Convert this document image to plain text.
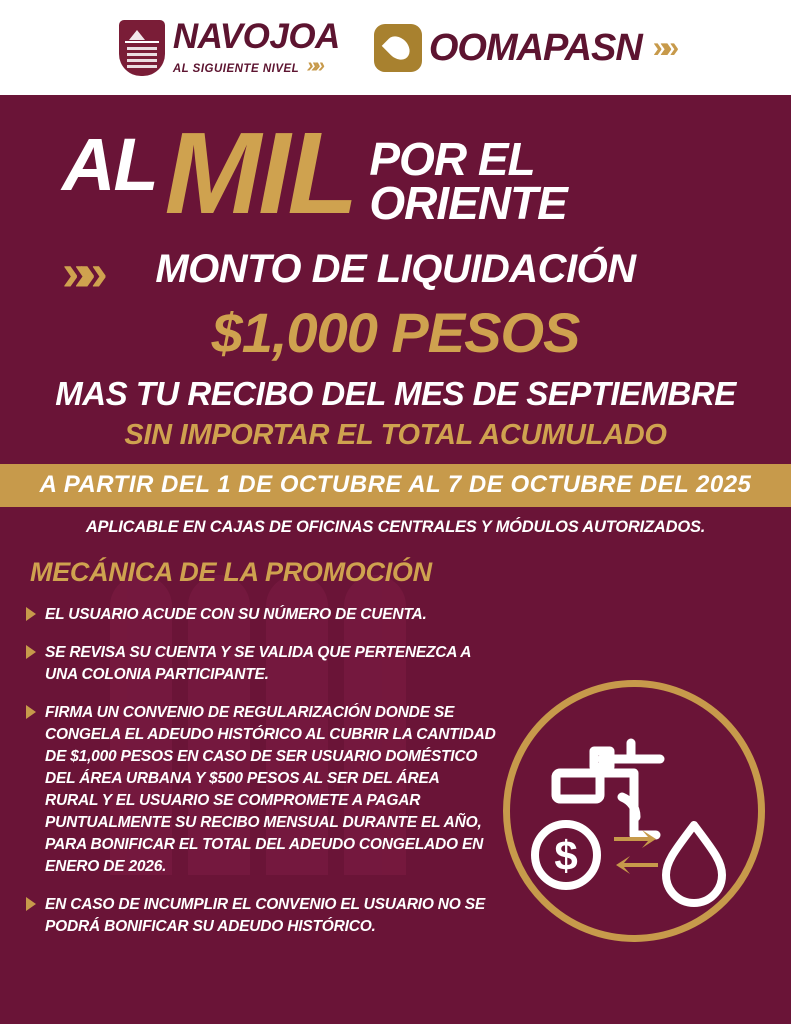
NAVOJOA
AL SIGUIENTE NIVEL »»	OOMAPASN »»
AL MIL POR EL
ORIENTE
»»	MONTO DE LIQUIDACIÓN
$1,000 PESOS
MAS TU RECIBO DEL MES DE SEPTIEMBRE
SIN IMPORTAR EL TOTAL ACUMULADO
A PARTIR DEL 1 DE OCTUBRE AL 7 DE OCTUBRE DEL 2025
APLICABLE EN CAJAS DE OFICINAS CENTRALES Y MÓDULOS AUTORIZADOS.
MECÁNICA DE LA PROMOCIÓN
EL USUARIO ACUDE CON SU NÚMERO DE CUENTA.
SE REVISA SU CUENTA Y SE VALIDA QUE PERTENEZCA A UNA COLONIA PARTICIPANTE.
FIRMA UN CONVENIO DE REGULARIZACIÓN DONDE SE CONGELA EL ADEUDO HISTÓRICO AL CUBRIR LA CANTIDAD DE $1,000 PESOS EN CASO DE SER USUARIO DOMÉSTICO DEL ÁREA URBANA Y $500 PESOS AL SER DEL ÁREA RURAL Y EL USUARIO SE COMPROMETE A PAGAR PUNTUALMENTE SU RECIBO MENSUAL DURANTE EL AÑO, PARA BONIFICAR EL TOTAL DEL ADEUDO CONGELADO EN ENERO DE 2026.
EN CASO DE INCUMPLIR EL CONVENIO EL USUARIO NO SE PODRÁ BONIFICAR SU ADEUDO HISTÓRICO.
$
